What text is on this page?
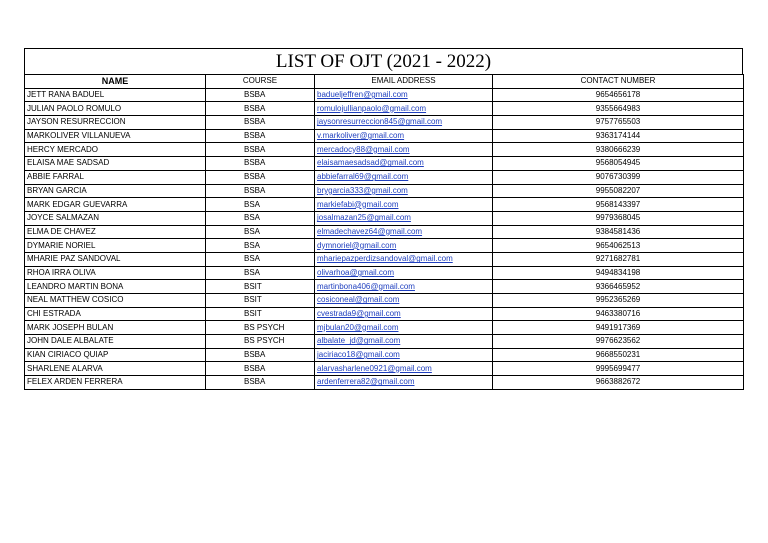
LIST OF OJT (2021 - 2022)
NAME	COURSE	EMAIL ADDRESS	CONTACT NUMBER
JETT RANA BADUEL	BSBA	badueljeffren@gmail.com	9654656178
JULIAN PAOLO ROMULO	BSBA	romulojullianpaolo@gmail.com	9355664983
JAYSON RESURRECCION	BSBA	jaysonresurreccion845@gmail.com	9757765503
MARKOLIVER VILLANUEVA	BSBA	v.markoliver@gmail.com	9363174144
HERCY MERCADO	BSBA	mercadocy88@gmail.com	9380666239
ELAISA MAE SADSAD	BSBA	elaisamaesadsad@gmail.com	9568054945
ABBIE FARRAL	BSBA	abbiefarral69@gmail.com	9076730399
BRYAN GARCIA	BSBA	brygarcia333@gmail.com	9955082207
MARK EDGAR GUEVARRA	BSA	markiefabi@gmail.com	9568143397
JOYCE SALMAZAN	BSA	josalmazan25@gmail.com	9979368045
ELMA DE CHAVEZ	BSA	elmadechavez64@gmail.com	9384581436
DYMARIE NORIEL	BSA	dymnoriel@gmail.com	9654062513
MHARIE PAZ SANDOVAL	BSA	mhariepazperdizsandoval@gmail.com	9271682781
RHOA IRRA OLIVA	BSA	olivarhoa@gmail.com	9494834198
LEANDRO MARTIN BONA	BSIT	martinbona406@gmail.com	9366465952
NEAL MATTHEW COSICO	BSIT	cosiconeal@gmail.com	9952365269
CHI ESTRADA	BSIT	cvestrada9@gmail.com	9463380716
MARK JOSEPH BULAN	BS PSYCH	mjbulan20@gmail.com	9491917369
JOHN DALE ALBALATE	BS PSYCH	albalate_jd@gmail.com	9976623562
KIAN CIRIACO QUIAP	BSBA	jaciriaco18@gmail.com	9668550231
SHARLENE ALARVA	BSBA	alarvasharlene0921@gmail.com	9995699477
FELEX ARDEN FERRERA	BSBA	ardenferrera82@gmail.com	9663882672
